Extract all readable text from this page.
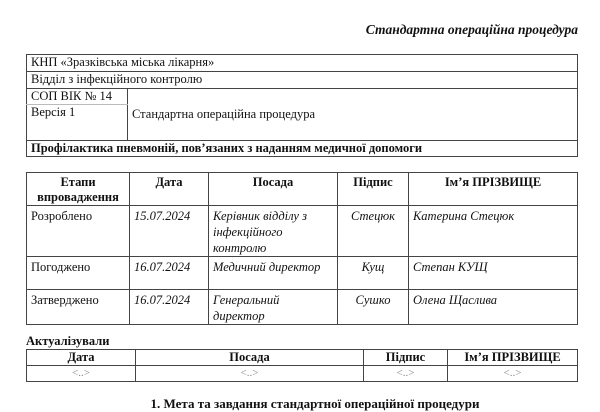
Стандартна операційна процедура
КНП «Зразківська міська лікарня»
Відділ з інфекційного контролю
СОП ВІК № 14	Стандартна операційна процедура
Версія 1
Профілактика пневмоній, пов’язаних з наданням медичної допомоги
Етапи впровадження	Дата	Посада	Підпис	Ім’я ПРІЗВИЩЕ
Розроблено	15.07.2024	Керівник відділу з інфекційного контролю	Стецюк	Катерина Стецюк
Погоджено	16.07.2024	Медичний директор	Кущ	Степан КУЩ
Затверджено	16.07.2024	Генеральний директор	Сушко	Олена Щаслива
Актуалізували
Дата	Посада	Підпис	Ім’я ПРІЗВИЩЕ
<..>	<..>	<..>	<..>
1. Мета та завдання стандартної операційної процедури
